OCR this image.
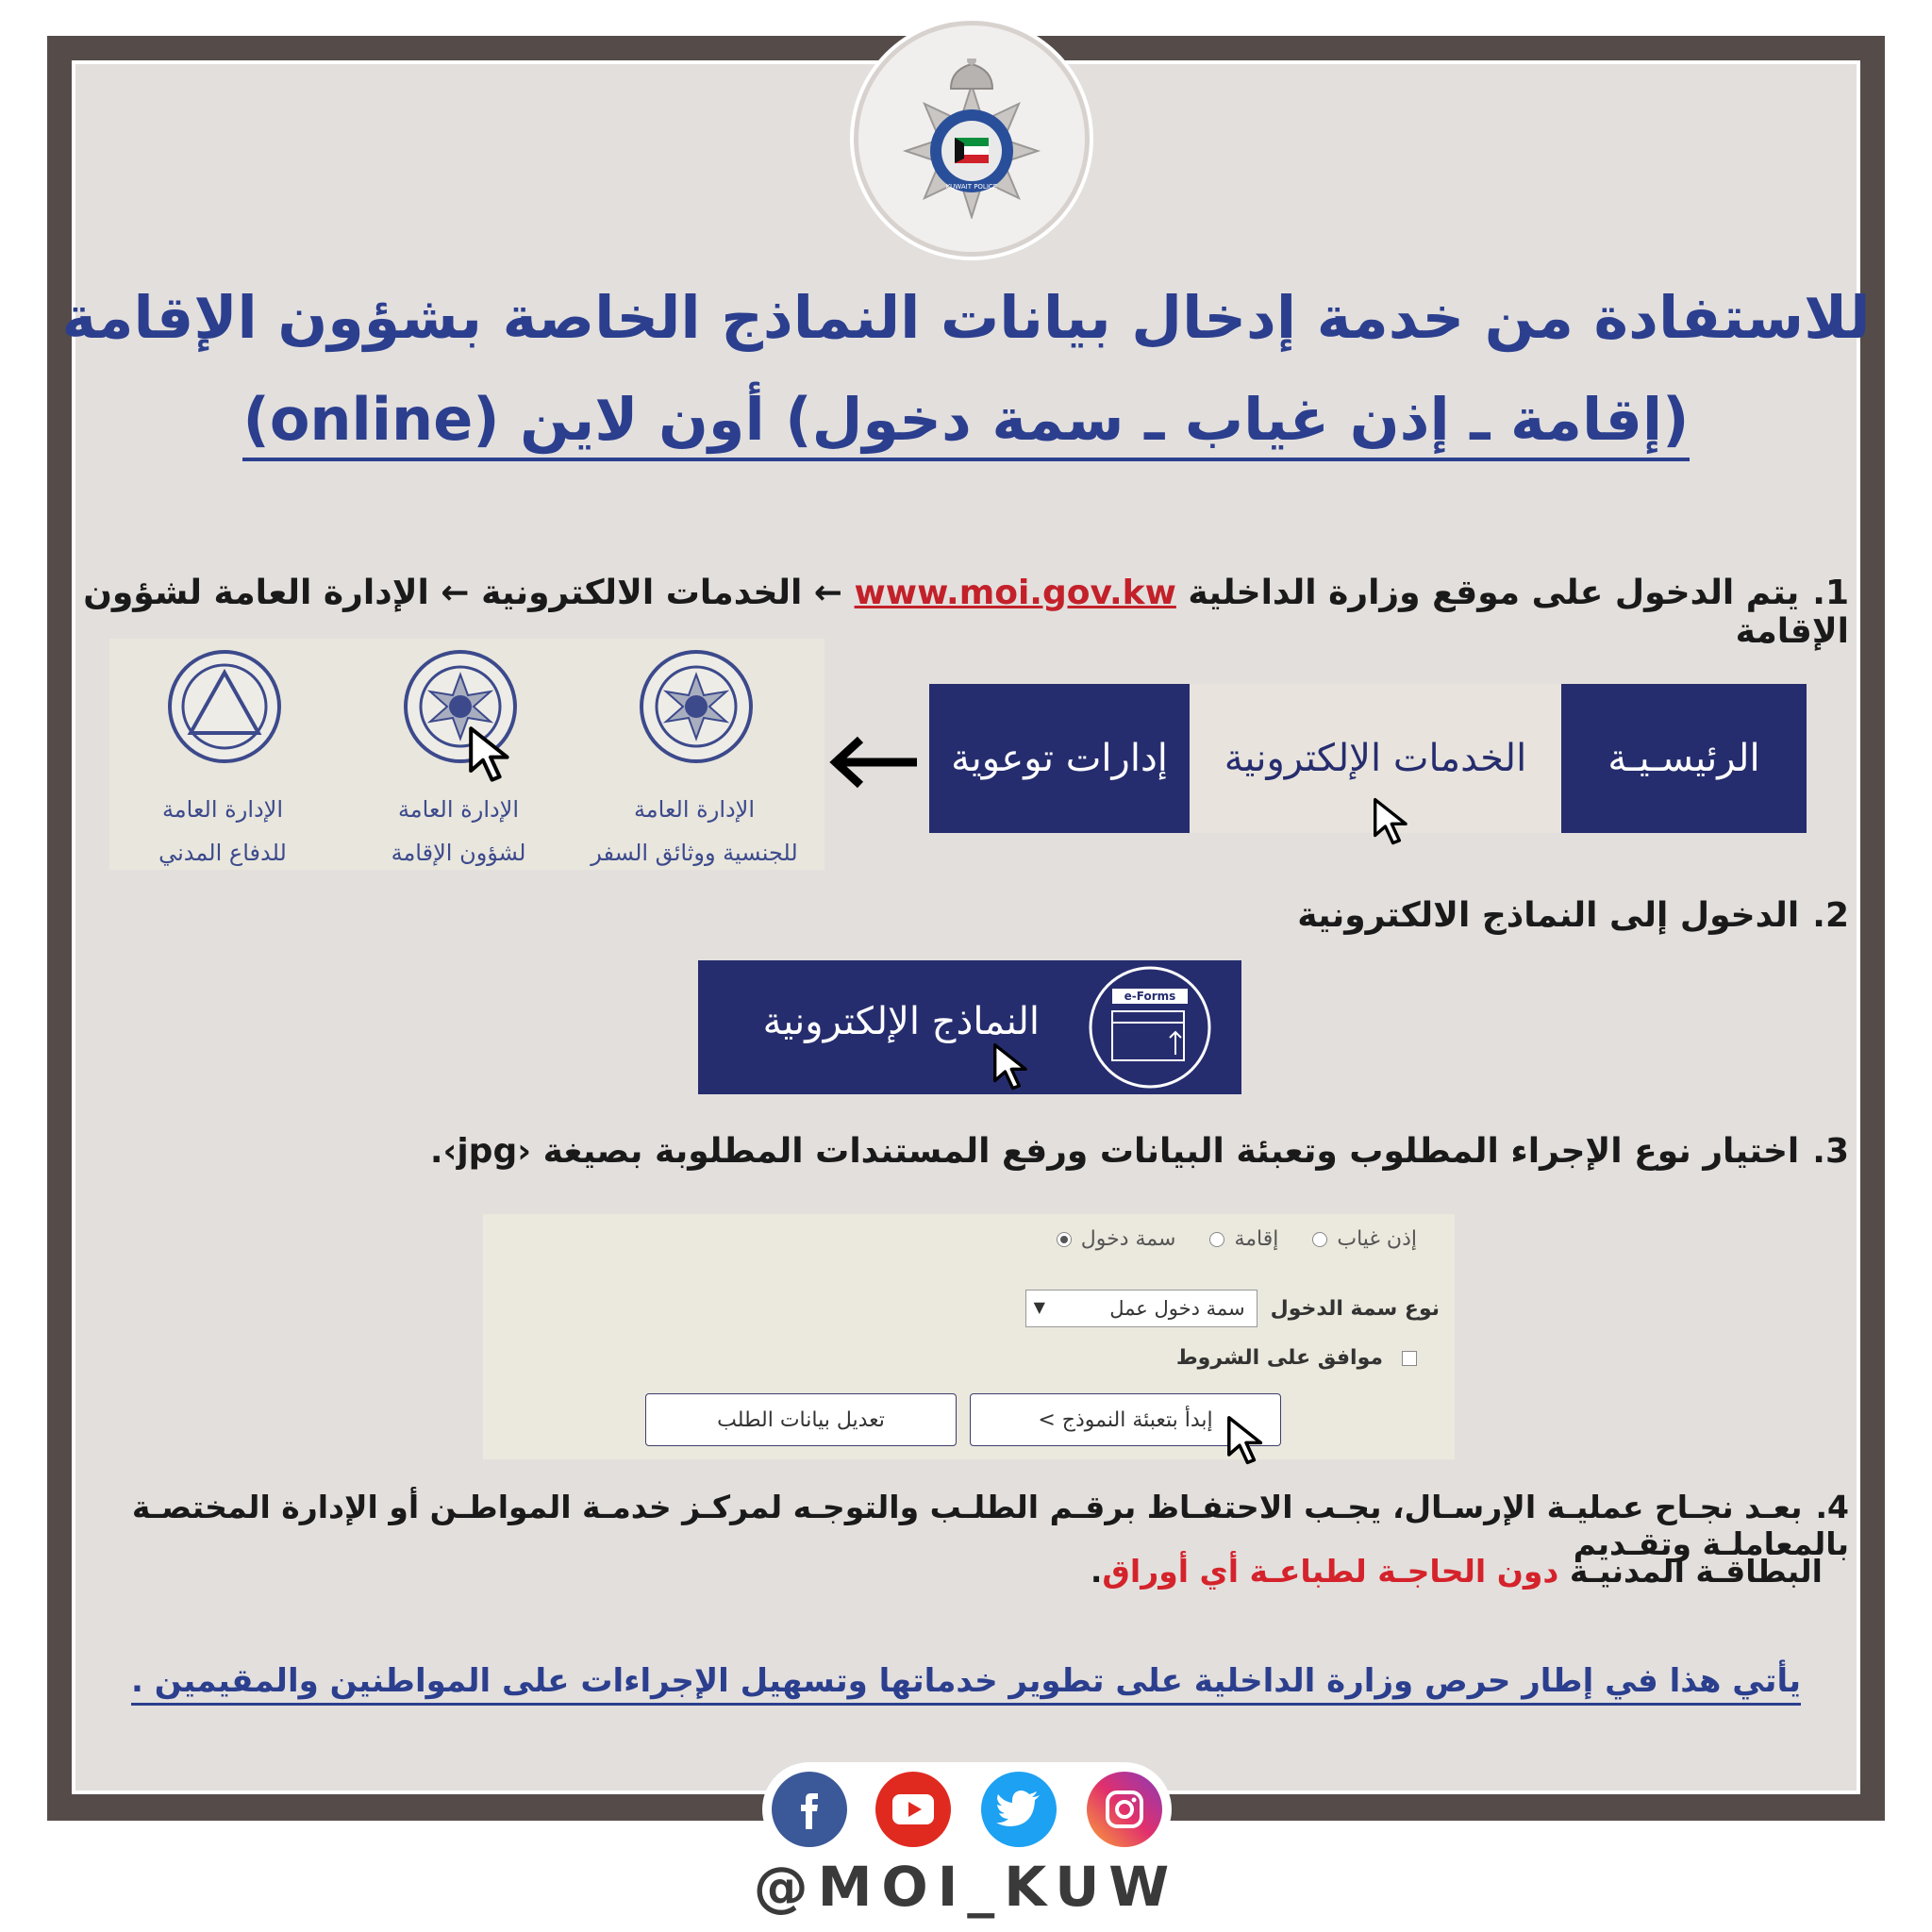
KUWAIT POLICE
للاستفادة من خدمة إدخال بيانات النماذج الخاصة بشؤون الإقامة
(إقامة ـ إذن غياب ـ سمة دخول) أون لاين (online)
1.يتم الدخول على موقع وزارة الداخلية www.moi.gov.kw ← الخدمات الالكترونية ← الإدارة العامة لشؤون الإقامة
الإدارة العامة
للجنسية ووثائق السفر
الإدارة العامة
لشؤون الإقامة
الإدارة العامة
للدفاع المدني
إدارات توعوية	الخدمات الإلكترونية	الرئيسـيـة
2.الدخول إلى النماذج الالكترونية
e-Forms
النماذج الإلكترونية
3.اختيار نوع الإجراء المطلوب وتعبئة البيانات ورفع المستندات المطلوبة بصيغة ‹jpg›.
سمة دخول	إقامة	إذن غياب
نوع سمة الدخول
سمة دخول عمل
▼
موافق على الشروط
إبدأ بتعبئة النموذج >
تعديل بيانات الطلب
4.بعـد نجـاح عمليـة الإرسـال، يجـب الاحتفـاظ برقـم الطلـب والتوجـه لمركـز خدمـة المواطـن أو الإدارة المختصـة بالمعاملـة وتقـديم
البطاقـة المدنيـة دون الحاجـة لطباعـة أي أوراق.
يأتي هذا في إطار حرص وزارة الداخلية على تطوير خدماتها وتسهيل الإجراءات على المواطنين والمقيمين .
@MOI_KUW
